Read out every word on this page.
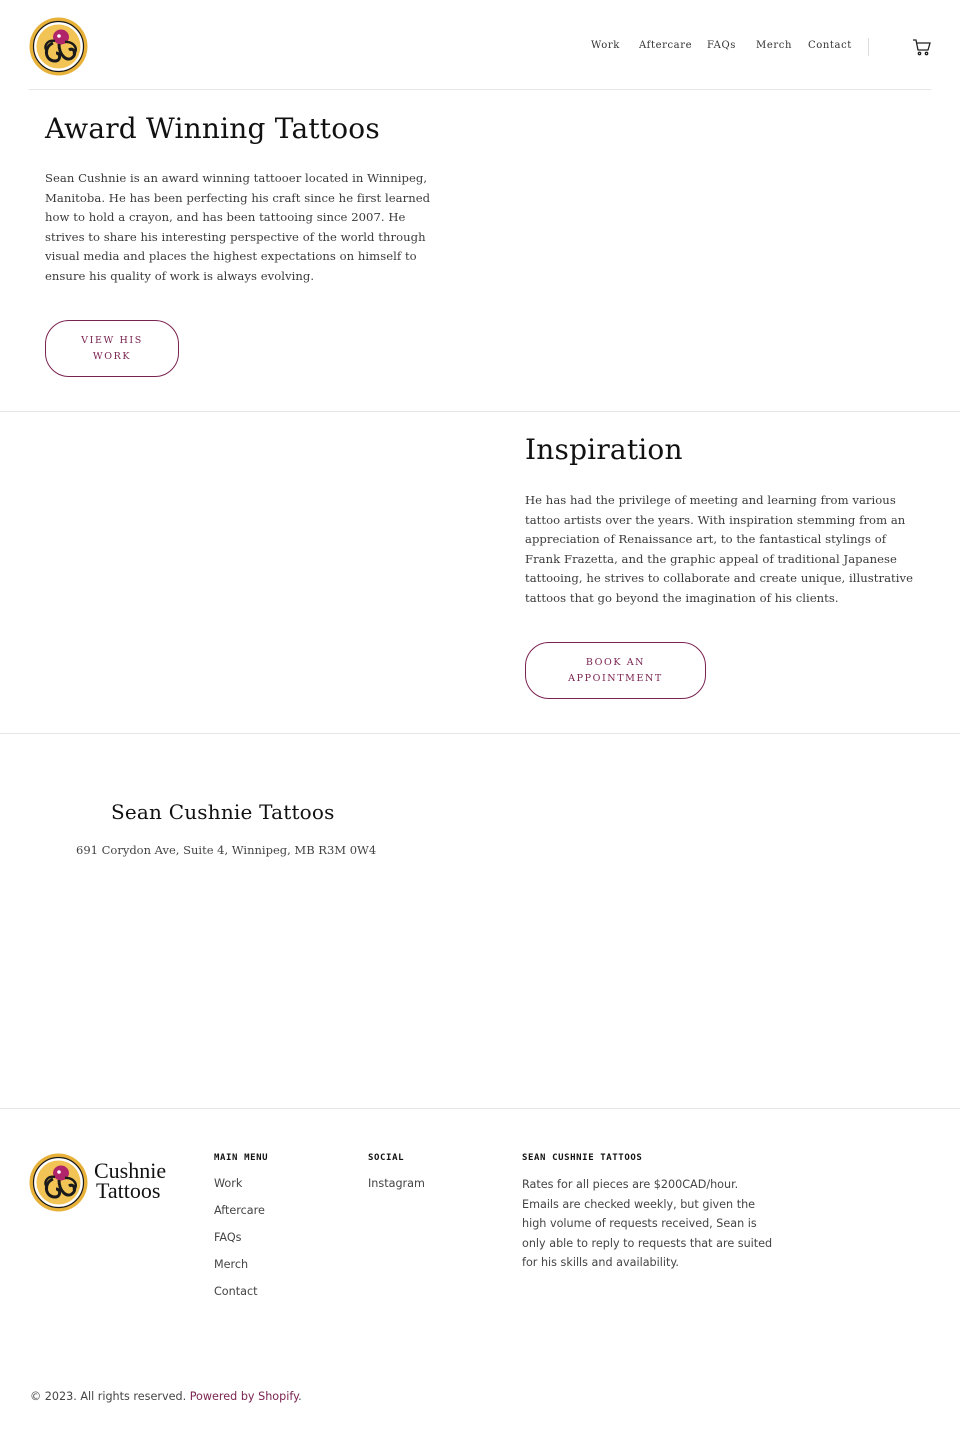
Work Aftercare FAQs Merch Contact
Award Winning Tattoos

Sean Cushnie is an award winning tattooer located in Winnipeg, Manitoba. He has been perfecting his craft since he first learned how to hold a crayon, and has been tattooing since 2007. He strives to share his interesting perspective of the world through visual media and places the highest expectations on himself to ensure his quality of work is always evolving.

VIEW HIS
WORK
Inspiration

He has had the privilege of meeting and learning from various tattoo artists over the years. With inspiration stemming from an appreciation of Renaissance art, to the fantastical stylings of Frank Frazetta, and the graphic appeal of traditional Japanese tattooing, he strives to collaborate and create unique, illustrative tattoos that go beyond the imagination of his clients.

BOOK AN
APPOINTMENT
Sean Cushnie Tattoos

691 Corydon Ave, Suite 4, Winnipeg, MB R3M 0W4

Cushnie
Tattoos
MAIN MENU
Work
Aftercare
FAQs
Merch
Contact
SOCIAL
Instagram
SEAN CUSHNIE TATTOOS

Rates for all pieces are $200CAD/hour. Emails are checked weekly, but given the high volume of requests received, Sean is only able to reply to requests that are suited for his skills and availability.

© 2023. All rights reserved. Powered by Shopify.
